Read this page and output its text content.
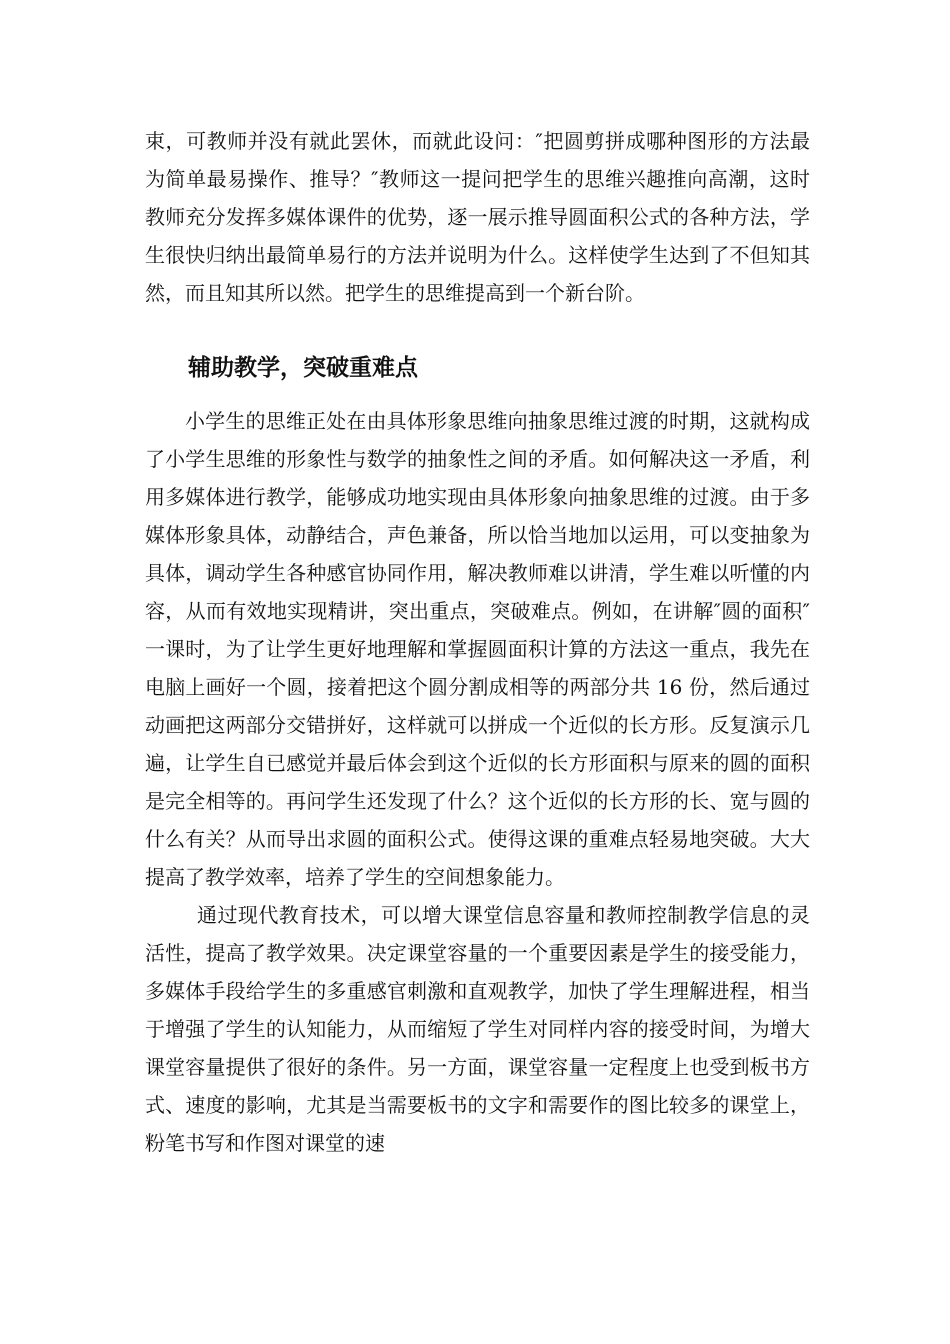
束，可教师并没有就此罢休，而就此设问：″把圆剪拼成哪种图形的方法最为简单最易操作、推导？″教师这一提问把学生的思维兴趣推向高潮，这时教师充分发挥多媒体课件的优势，逐一展示推导圆面积公式的各种方法，学生很快归纳出最简单易行的方法并说明为什么。这样使学生达到了不但知其然，而且知其所以然。把学生的思维提高到一个新台阶。

辅助教学，突破重难点

小学生的思维正处在由具体形象思维向抽象思维过渡的时期，这就构成了小学生思维的形象性与数学的抽象性之间的矛盾。如何解决这一矛盾，利用多媒体进行教学，能够成功地实现由具体形象向抽象思维的过渡。由于多媒体形象具体，动静结合，声色兼备，所以恰当地加以运用，可以变抽象为具体，调动学生各种感官协同作用，解决教师难以讲清，学生难以听懂的内容，从而有效地实现精讲，突出重点，突破难点。例如，在讲解″圆的面积″一课时，为了让学生更好地理解和掌握圆面积计算的方法这一重点，我先在电脑上画好一个圆，接着把这个圆分割成相等的两部分共 16 份，然后通过动画把这两部分交错拼好，这样就可以拼成一个近似的长方形。反复演示几遍，让学生自已感觉并最后体会到这个近似的长方形面积与原来的圆的面积是完全相等的。再问学生还发现了什么？这个近似的长方形的长、宽与圆的什么有关？从而导出求圆的面积公式。使得这课的重难点轻易地突破。大大提高了教学效率，培养了学生的空间想象能力。

通过现代教育技术，可以增大课堂信息容量和教师控制教学信息的灵活性，提高了教学效果。决定课堂容量的一个重要因素是学生的接受能力，多媒体手段给学生的多重感官刺激和直观教学，加快了学生理解进程，相当于增强了学生的认知能力，从而缩短了学生对同样内容的接受时间，为增大课堂容量提供了很好的条件。另一方面，课堂容量一定程度上也受到板书方式、速度的影响，尤其是当需要板书的文字和需要作的图比较多的课堂上，粉笔书写和作图对课堂的速
